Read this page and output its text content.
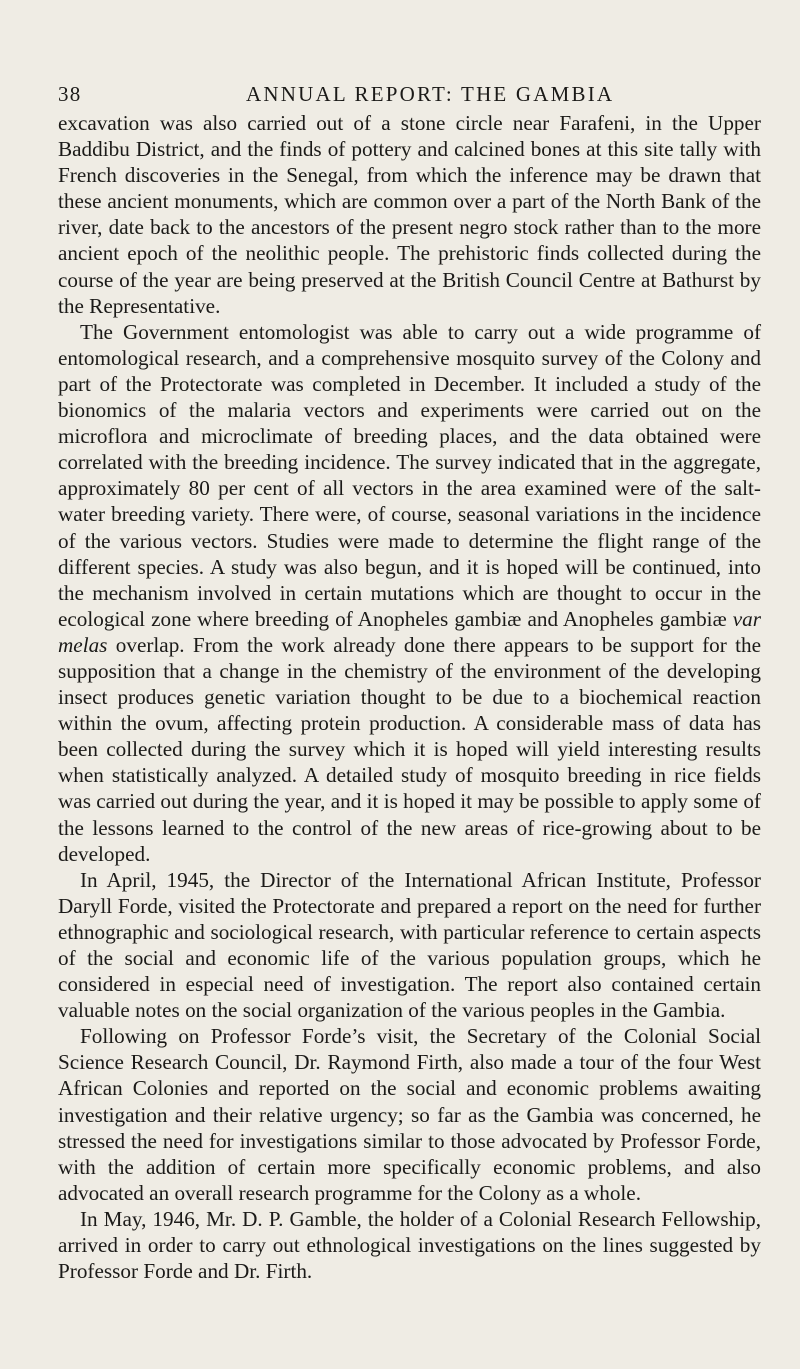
38	ANNUAL REPORT: THE GAMBIA

excavation was also carried out of a stone circle near Farafeni, in the Upper Baddibu District, and the finds of pottery and calcined bones at this site tally with French discoveries in the Senegal, from which the inference may be drawn that these ancient monuments, which are common over a part of the North Bank of the river, date back to the ancestors of the present negro stock rather than to the more ancient epoch of the neolithic people. The prehistoric finds collected during the course of the year are being preserved at the British Council Centre at Bathurst by the Representative.

The Government entomologist was able to carry out a wide programme of entomological research, and a comprehensive mosquito survey of the Colony and part of the Protectorate was completed in December. It included a study of the bionomics of the malaria vectors and experiments were carried out on the microflora and microclimate of breeding places, and the data obtained were correlated with the breeding incidence. The survey indicated that in the aggregate, approximately 80 per cent of all vectors in the area examined were of the salt-water breeding variety. There were, of course, seasonal variations in the incidence of the various vectors. Studies were made to determine the flight range of the different species. A study was also begun, and it is hoped will be continued, into the mechanism involved in certain mutations which are thought to occur in the ecological zone where breeding of Anopheles gambiæ and Anopheles gambiæ var melas overlap. From the work already done there appears to be support for the supposition that a change in the chemistry of the environment of the developing insect produces genetic variation thought to be due to a biochemical reaction within the ovum, affecting protein production. A considerable mass of data has been collected during the survey which it is hoped will yield interesting results when statistically analyzed. A detailed study of mosquito breeding in rice fields was carried out during the year, and it is hoped it may be possible to apply some of the lessons learned to the control of the new areas of rice-growing about to be developed.

In April, 1945, the Director of the International African Institute, Professor Daryll Forde, visited the Protectorate and prepared a report on the need for further ethnographic and sociological research, with particular reference to certain aspects of the social and economic life of the various population groups, which he considered in especial need of investigation. The report also contained certain valuable notes on the social organization of the various peoples in the Gambia.

Following on Professor Forde’s visit, the Secretary of the Colonial Social Science Research Council, Dr. Raymond Firth, also made a tour of the four West African Colonies and reported on the social and economic problems awaiting investigation and their relative urgency; so far as the Gambia was concerned, he stressed the need for investigations similar to those advocated by Professor Forde, with the addition of certain more specifically economic problems, and also advocated an overall research programme for the Colony as a whole.

In May, 1946, Mr. D. P. Gamble, the holder of a Colonial Research Fellowship, arrived in order to carry out ethnological investigations on the lines suggested by Professor Forde and Dr. Firth.
